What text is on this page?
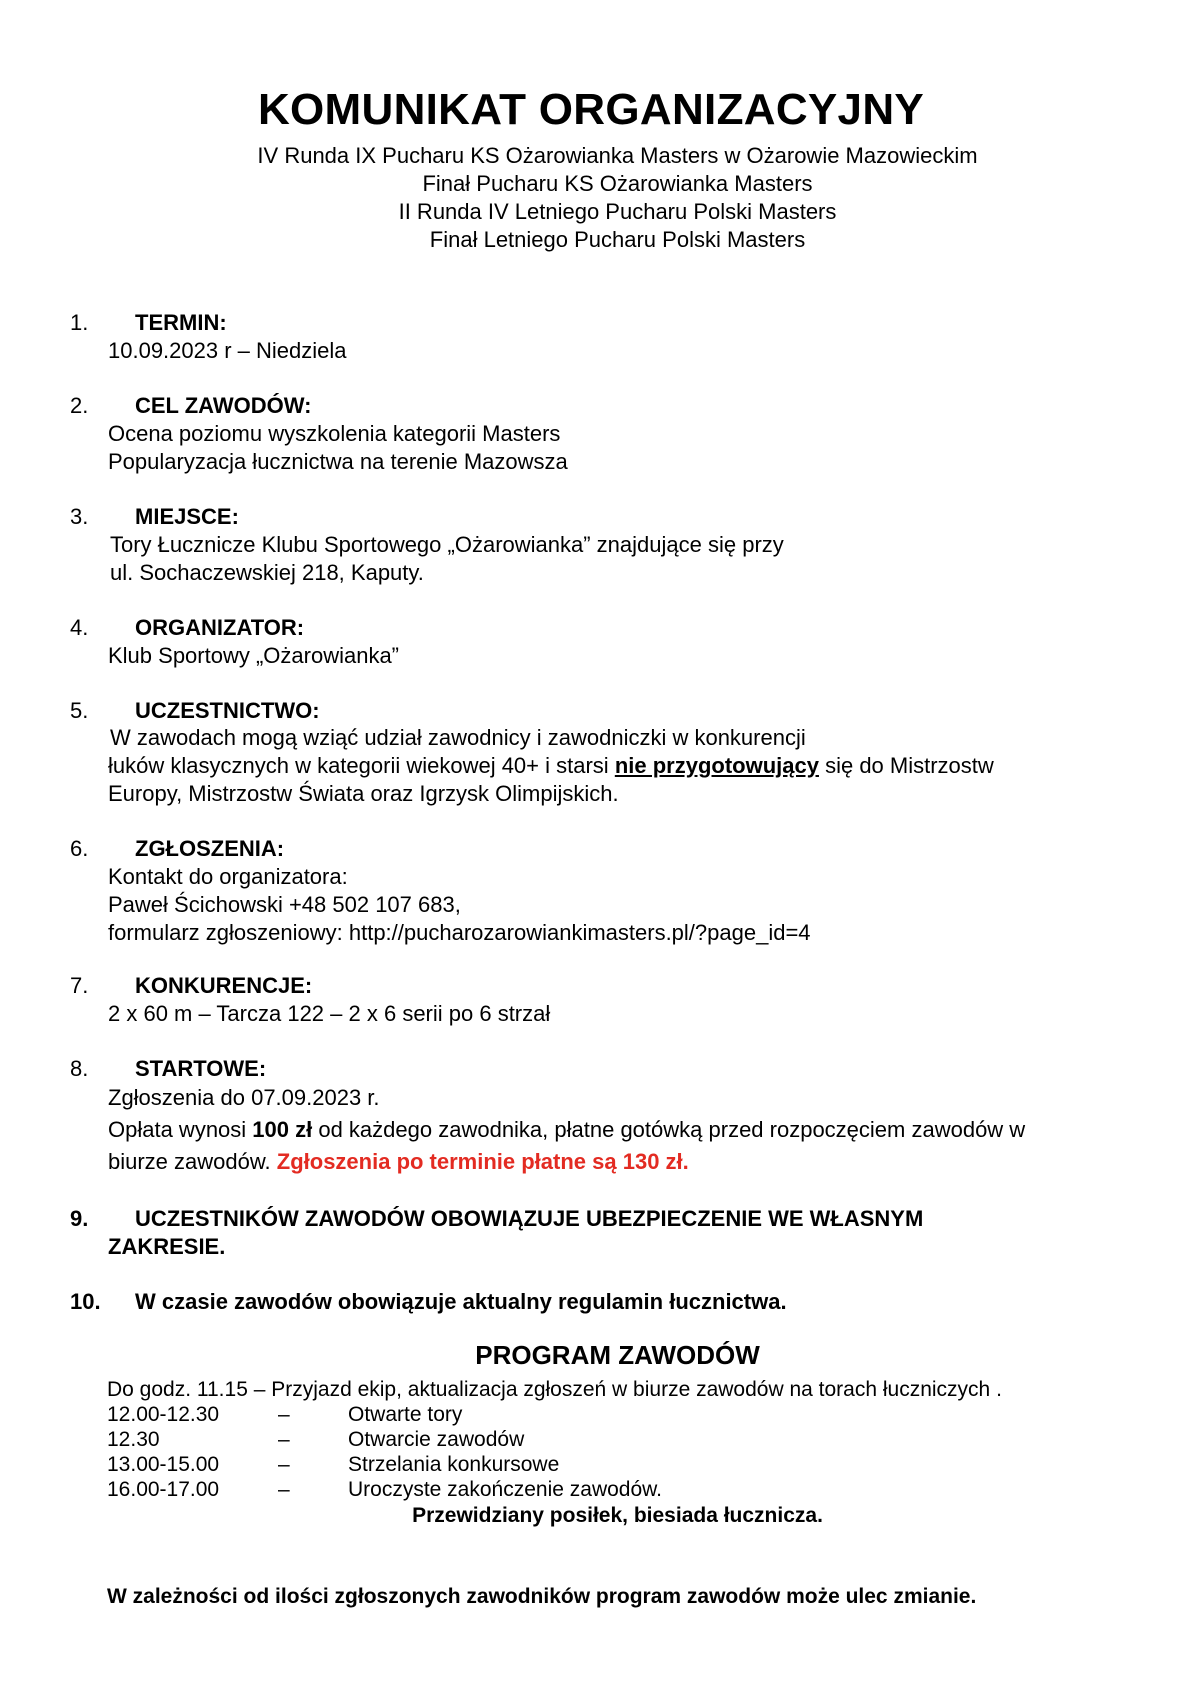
KOMUNIKAT ORGANIZACYJNY
IV Runda IX Pucharu KS Ożarowianka Masters w Ożarowie Mazowieckim
Finał Pucharu KS Ożarowianka Masters
II Runda IV Letniego Pucharu Polski Masters
Finał Letniego Pucharu Polski Masters
1. TERMIN:
10.09.2023 r – Niedziela
2. CEL ZAWODÓW:
Ocena poziomu wyszkolenia kategorii Masters
Popularyzacja łucznictwa na terenie Mazowsza
3. MIEJSCE:
Tory Łucznicze Klubu Sportowego „Ożarowianka” znajdujące się przy
ul. Sochaczewskiej 218, Kaputy.
4. ORGANIZATOR:
Klub Sportowy „Ożarowianka”
5. UCZESTNICTWO:
W zawodach mogą wziąć udział zawodnicy i zawodniczki w konkurencji
łuków klasycznych w kategorii wiekowej 40+ i starsi nie przygotowujący się do Mistrzostw
Europy, Mistrzostw Świata oraz Igrzysk Olimpijskich.
6. ZGŁOSZENIA:
Kontakt do organizatora:
Paweł Ścichowski +48 502 107 683,
formularz zgłoszeniowy: http://pucharozarowiankimasters.pl/?page_id=4
7. KONKURENCJE:
2 x 60 m – Tarcza 122 – 2 x 6 serii po 6 strzał
8. STARTOWE:
Zgłoszenia do 07.09.2023 r.
Opłata wynosi 100 zł od każdego zawodnika, płatne gotówką przed rozpoczęciem zawodów w
biurze zawodów. Zgłoszenia po terminie płatne są 130 zł.
9. UCZESTNIKÓW ZAWODÓW OBOWIĄZUJE UBEZPIECZENIE WE WŁASNYM
ZAKRESIE.
10. W czasie zawodów obowiązuje aktualny regulamin łucznictwa.
PROGRAM ZAWODÓW
Do godz. 11.15 – Przyjazd ekip, aktualizacja zgłoszeń w biurze zawodów na torach łuczniczych .
12.00-12.30	–	Otwarte tory
12.30	–	Otwarcie zawodów
13.00-15.00	–	Strzelania konkursowe
16.00-17.00	–	Uroczyste zakończenie zawodów.
Przewidziany posiłek, biesiada łucznicza.
W zależności od ilości zgłoszonych zawodników program zawodów może ulec zmianie.
